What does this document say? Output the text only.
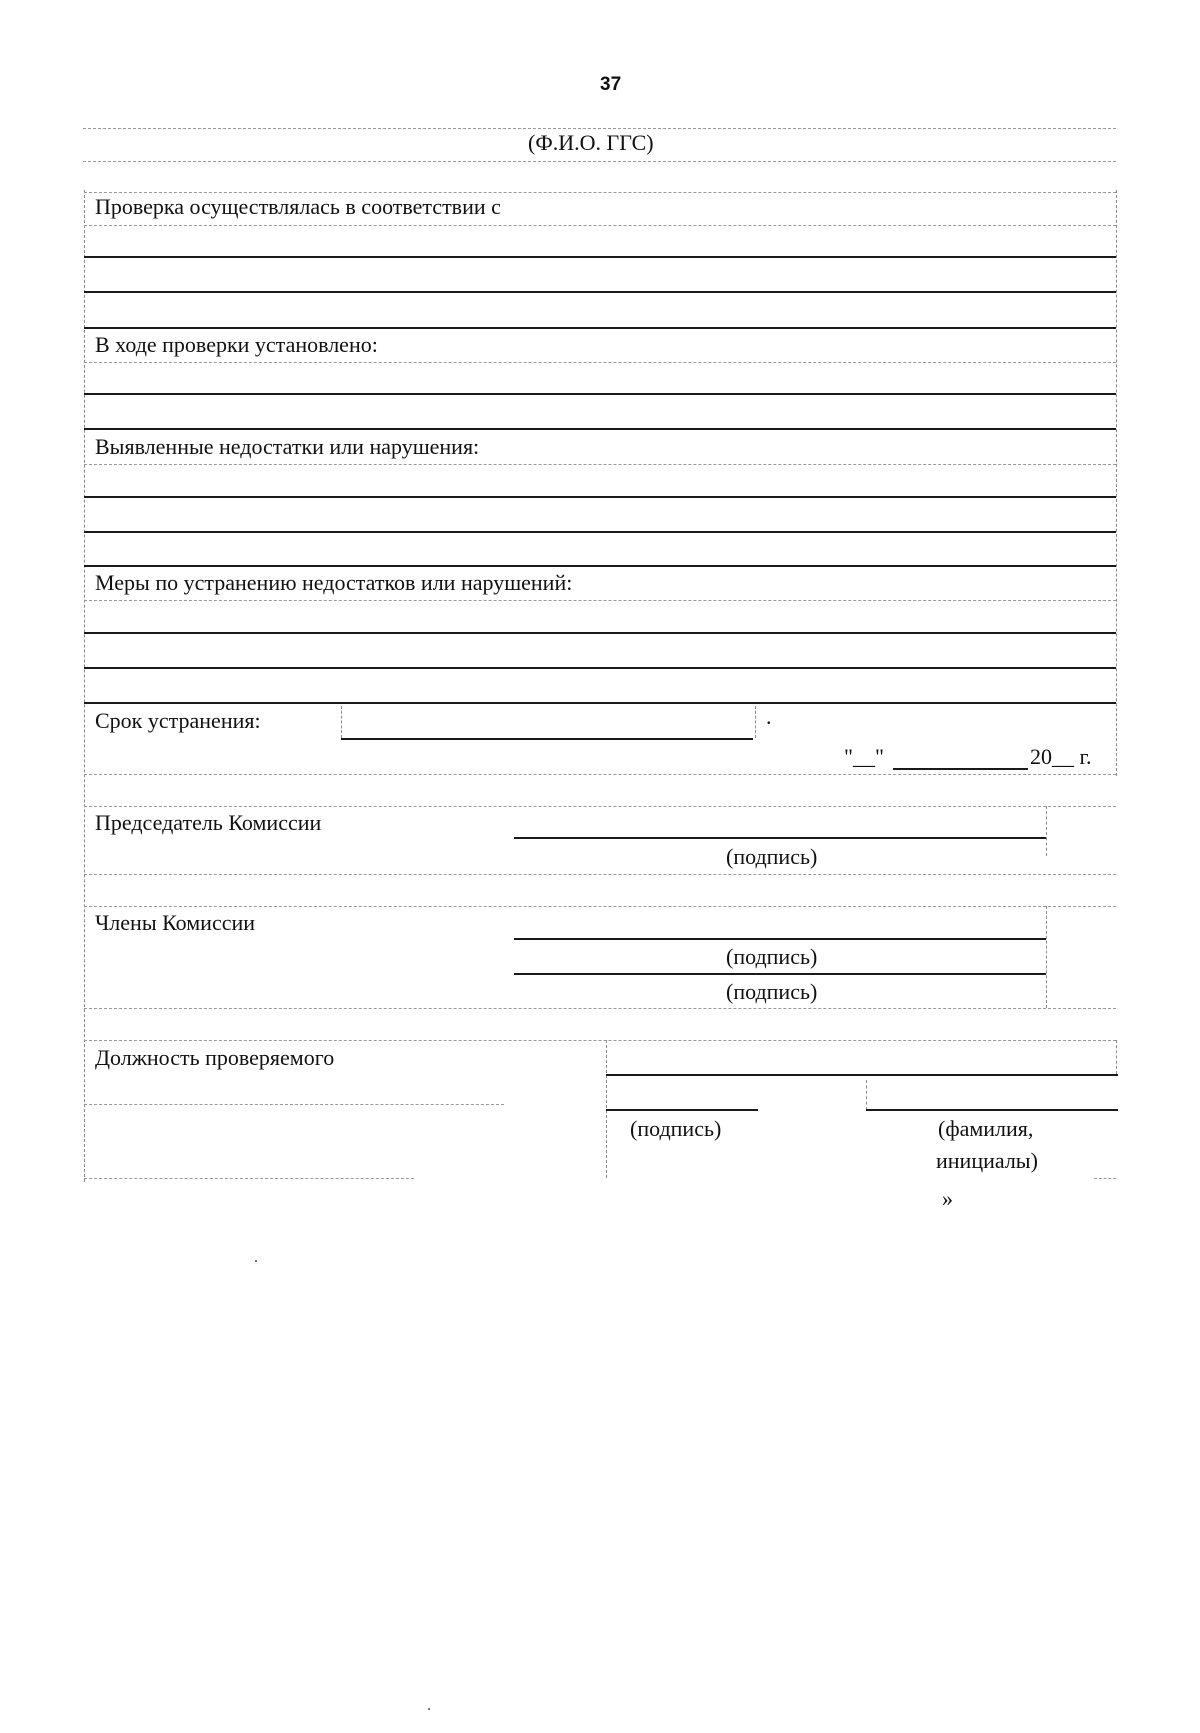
37
(Ф.И.О. ГГС)
Проверка осуществлялась в соответствии с
В ходе проверки установлено:
Выявленные недостатки или нарушения:
Меры по устранению недостатков или нарушений:
Срок устранения:	.
"__"	20__ г.
Председатель Комиссии
(подпись)
Члены Комиссии
(подпись)
(подпись)
Должность проверяемого
(подпись)	(фамилия,
инициалы)
»
